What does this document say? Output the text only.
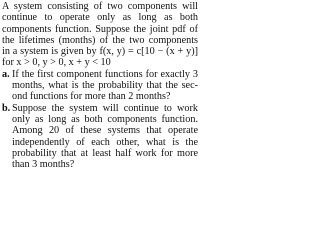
A system consisting of two components will continue to operate only as long as both components function. Suppose the joint pdf of the lifetimes (months) of the two components in a system is given by f(x, y) = c[10 − (x + y)] for x > 0, y > 0, x + y < 10

a. If the first component functions for exactly 3 months, what is the probability that the second functions for more than 2 months?
b. Suppose the system will continue to work only as long as both components function. Among 20 of these systems that operate independently of each other, what is the probability that at least half work for more than 3 months?
